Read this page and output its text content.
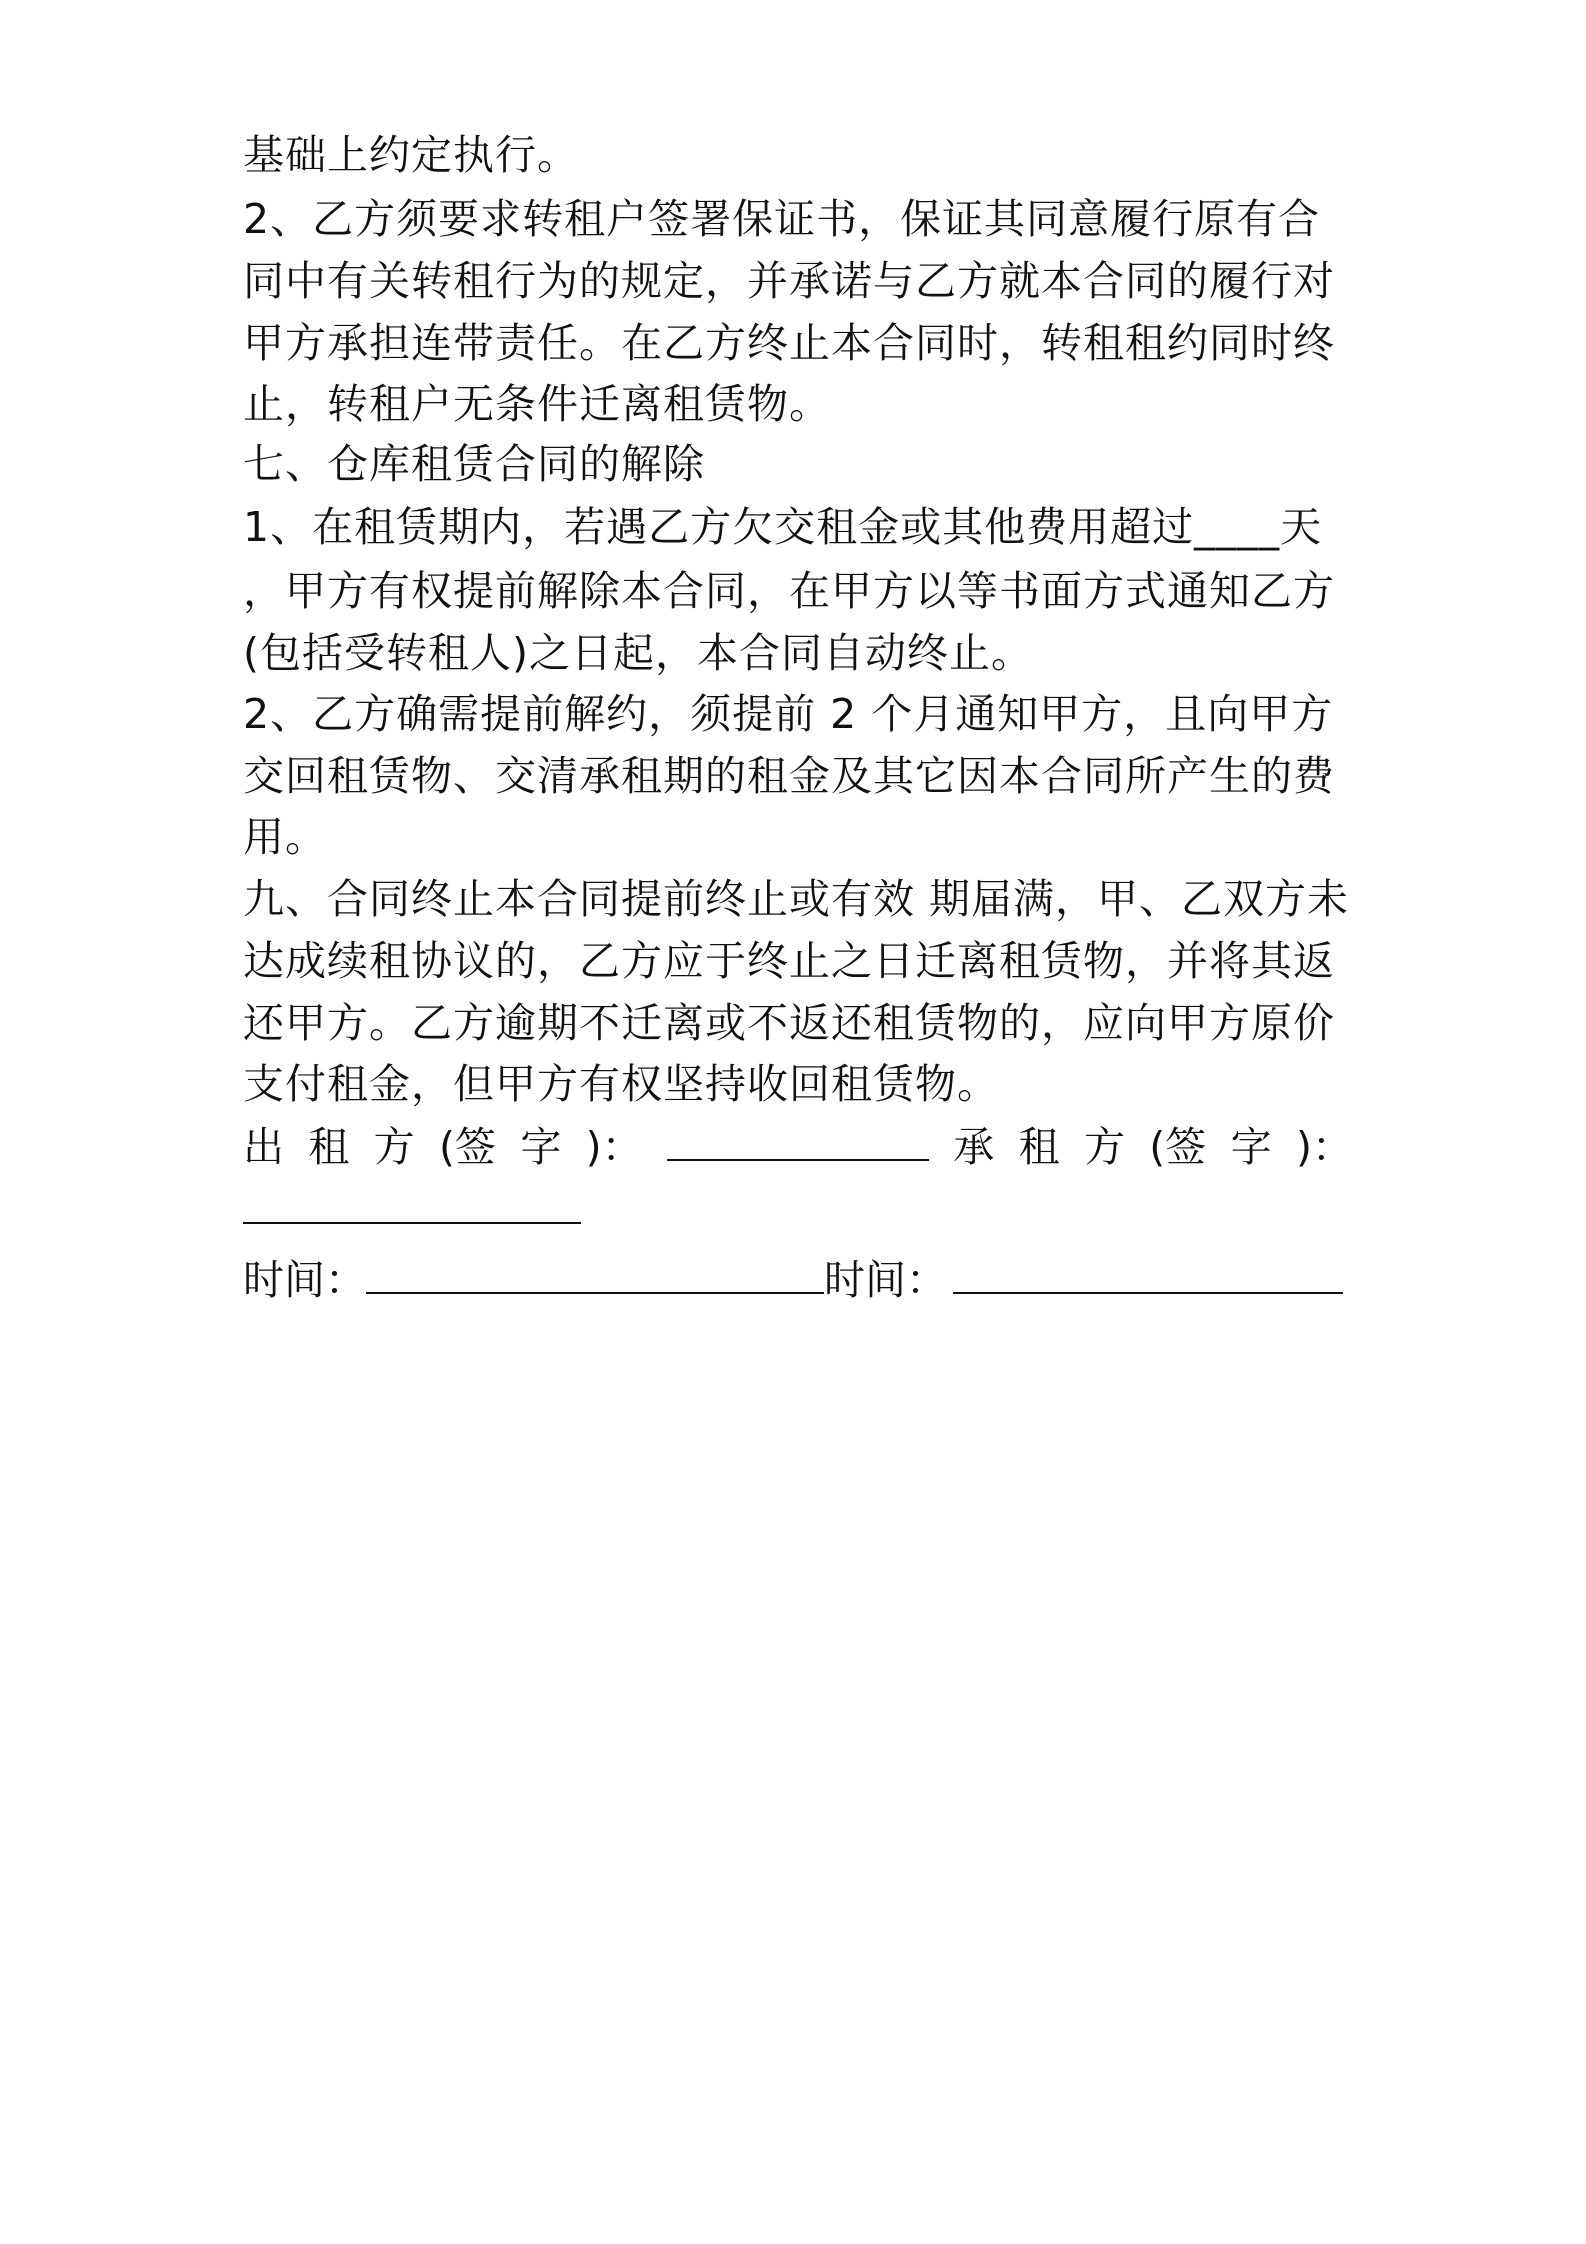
基础上约定执行。
2、乙方须要求转租户签署保证书，保证其同意履行原有合
同中有关转租行为的规定，并承诺与乙方就本合同的履行对
甲方承担连带责任。在乙方终止本合同时，转租租约同时终
止，转租户无条件迁离租赁物。
七、仓库租赁合同的解除
1、在租赁期内，若遇乙方欠交租金或其他费用超过____天
，甲方有权提前解除本合同，在甲方以等书面方式通知乙方
(包括受转租人)之日起，本合同自动终止。
2、乙方确需提前解约，须提前 2 个月通知甲方，且向甲方
交回租赁物、交清承租期的租金及其它因本合同所产生的费
用。
九、合同终止本合同提前终止或有效 期届满，甲、乙双方未
达成续租协议的，乙方应于终止之日迁离租赁物，并将其返
还甲方。乙方逾期不迁离或不返还租赁物的，应向甲方原价
支付租金，但甲方有权坚持收回租赁物。
出 租 方 (签 字 )：	承 租 方 (签 字 )：
时间：	时间：
